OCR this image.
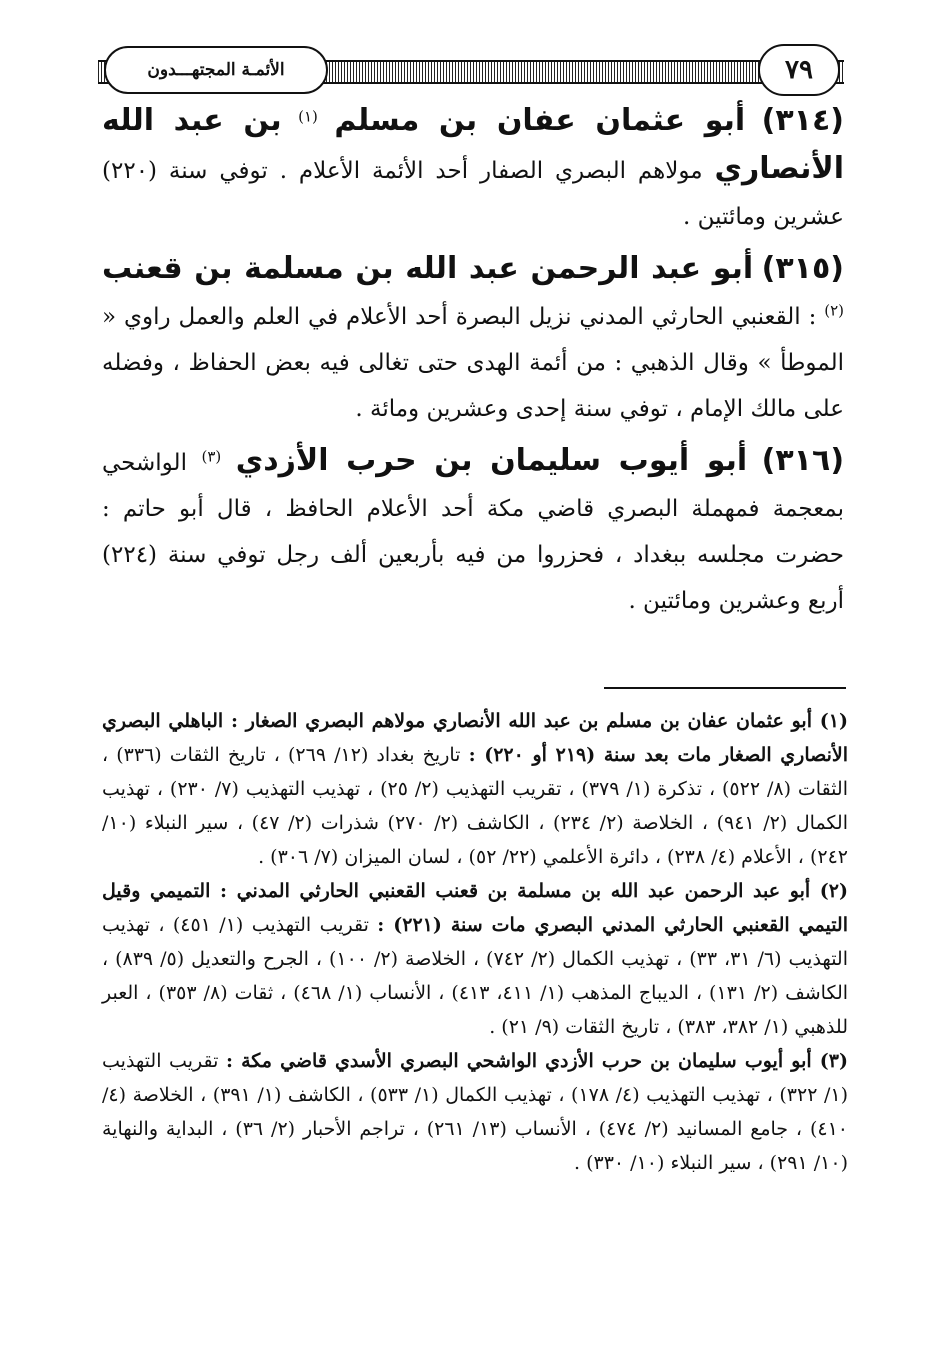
الأئمـة المجتهـــدون	٧٩

(٣١٤) أبو عثمان عفان بن مسلم $^{(١)}$ بن عبد الله الأنصاري مولاهم البصري الصفار أحد الأئمة الأعلام . توفي سنة (٢٢٠) عشرين ومائتين .

(٣١٥) أبو عبد الرحمن عبد الله بن مسلمة بن قعنب $^{(٢)}$ : القعنبي الحارثي المدني نزيل البصرة أحد الأعلام في العلم والعمل راوي « الموطأ » وقال الذهبي : من أئمة الهدى حتى تغالى فيه بعض الحفاظ ، وفضله على مالك الإمام ، توفي سنة إحدى وعشرين ومائة .

(٣١٦) أبو أيوب سليمان بن حرب الأزدي $^{(٣)}$ الواشحي بمعجمة فمهملة البصري قاضي مكة أحد الأعلام الحافظ ، قال أبو حاتم : حضرت مجلسه ببغداد ، فحزروا من فيه بأربعين ألف رجل توفي سنة (٢٢٤) أربع وعشرين ومائتين .

(١) أبو عثمان عفان بن مسلم بن عبد الله الأنصاري مولاهم البصري الصغار : الباهلي البصري الأنصاري الصغار مات بعد سنة (٢١٩ أو ٢٢٠) : تاريخ بغداد (١٢/ ٢٦٩) ، تاريخ الثقات (٣٣٦) ، الثقات (٨/ ٥٢٢) ، تذكرة (١/ ٣٧٩) ، تقريب التهذيب (٢/ ٢٥) ، تهذيب التهذيب (٧/ ٢٣٠) ، تهذيب الكمال (٢/ ٩٤١) ، الخلاصة (٢/ ٢٣٤) ، الكاشف (٢/ ٢٧٠) شذرات (٢/ ٤٧) ، سير النبلاء (١٠/ ٢٤٢) ، الأعلام (٤/ ٢٣٨) ، دائرة الأعلمي (٢٢/ ٥٢) ، لسان الميزان (٧/ ٣٠٦) .

(٢) أبو عبد الرحمن عبد الله بن مسلمة بن قعنب القعنبي الحارثي المدني : التميمي وقيل التيمي القعنبي الحارثي المدني البصري مات سنة (٢٢١) : تقريب التهذيب (١/ ٤٥١) ، تهذيب التهذيب (٦/ ٣١، ٣٣) ، تهذيب الكمال (٢/ ٧٤٢) ، الخلاصة (٢/ ١٠٠) ، الجرح والتعديل (٥/ ٨٣٩) ، الكاشف (٢/ ١٣١) ، الديباج المذهب (١/ ٤١١، ٤١٣) ، الأنساب (١/ ٤٦٨) ، ثقات (٨/ ٣٥٣) ، العبر للذهبي (١/ ٣٨٢، ٣٨٣) ، تاريخ الثقات (٩/ ٢١) .

(٣) أبو أيوب سليمان بن حرب الأزدي الواشحي البصري الأسدي قاضي مكة : تقريب التهذيب (١/ ٣٢٢) ، تهذيب التهذيب (٤/ ١٧٨) ، تهذيب الكمال (١/ ٥٣٣) ، الكاشف (١/ ٣٩١) ، الخلاصة (٤/ ٤١٠) ، جامع المسانيد (٢/ ٤٧٤) ، الأنساب (١٣/ ٢٦١) ، تراجم الأحبار (٢/ ٣٦) ، البداية والنهاية (١٠/ ٢٩١) ، سير النبلاء (١٠/ ٣٣٠) .
